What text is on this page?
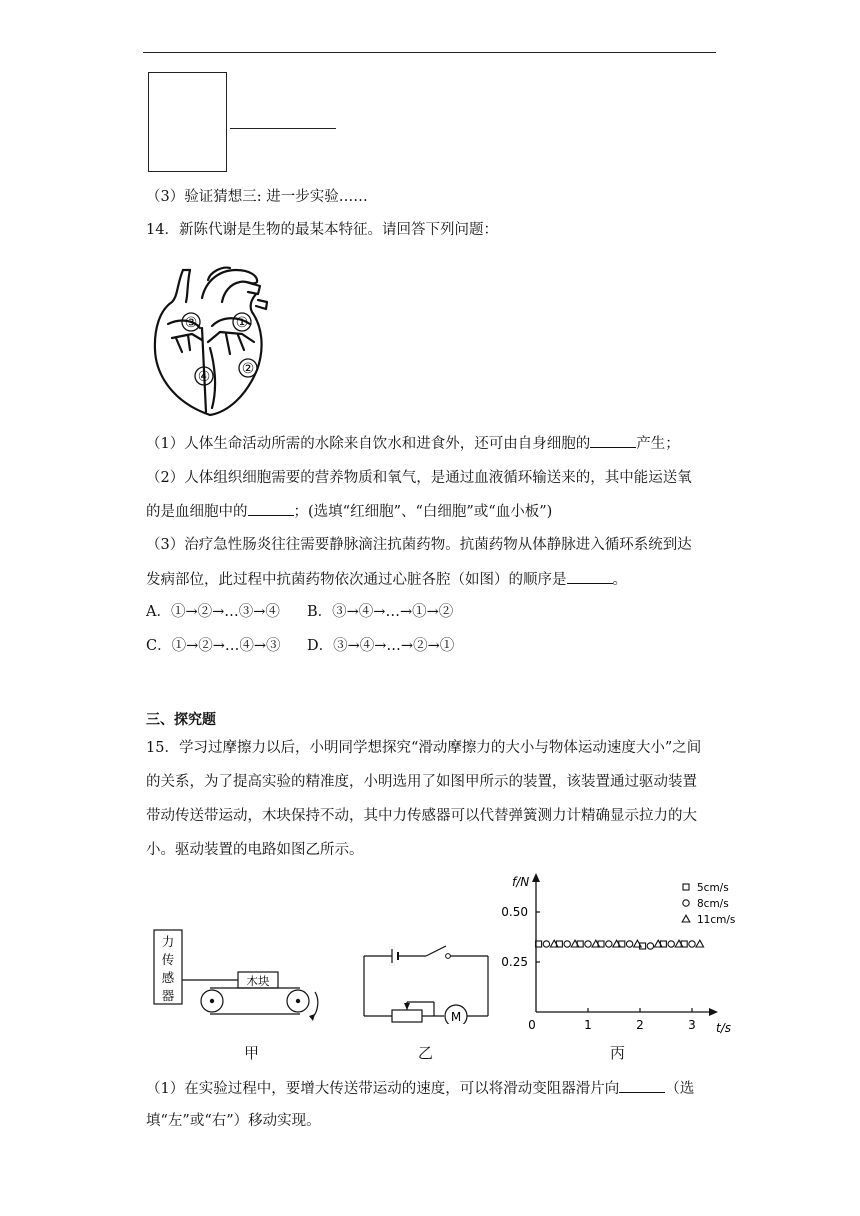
（3）验证猜想三: 进一步实验……
14．新陈代谢是生物的最某本特征。请回答下列问题：
③	①
④ ②
（1）人体生命活动所需的水除来自饮水和进食外，还可由自身细胞的	产生；
（2）人体组织细胞需要的营养物质和氧气，是通过血液循环输送来的，其中能运送氧
的是血细胞中的	；(选填“红细胞”、“白细胞”或“血小板”)
（3）治疗急性肠炎往往需要静脉滴注抗菌药物。抗菌药物从体静脉进入循环系统到达
发病部位，此过程中抗菌药物依次通过心脏各腔（如图）的顺序是	。
A．①→②→…③→④ B．③→④→…→①→②
C．①→②→…④→③ D．③→④→…→②→①
三、探究题
15．学习过摩擦力以后，小明同学想探究“滑动摩擦力的大小与物体运动速度大小”之间
的关系，为了提高实验的精准度，小明选用了如图甲所示的装置，该装置通过驱动装置
带动传送带运动，木块保持不动，其中力传感器可以代替弹簧测力计精确显示拉力的大
小。驱动装置的电路如图乙所示。
力
传
感
器
木块
M
f/N
t/s
0	1	2	3
0.25
0.50
5cm/s
8cm/s
11cm/s
甲	乙	丙
（1）在实验过程中，要增大传送带运动的速度，可以将滑动变阻器滑片向	（选
填“左”或“右”）移动实现。
